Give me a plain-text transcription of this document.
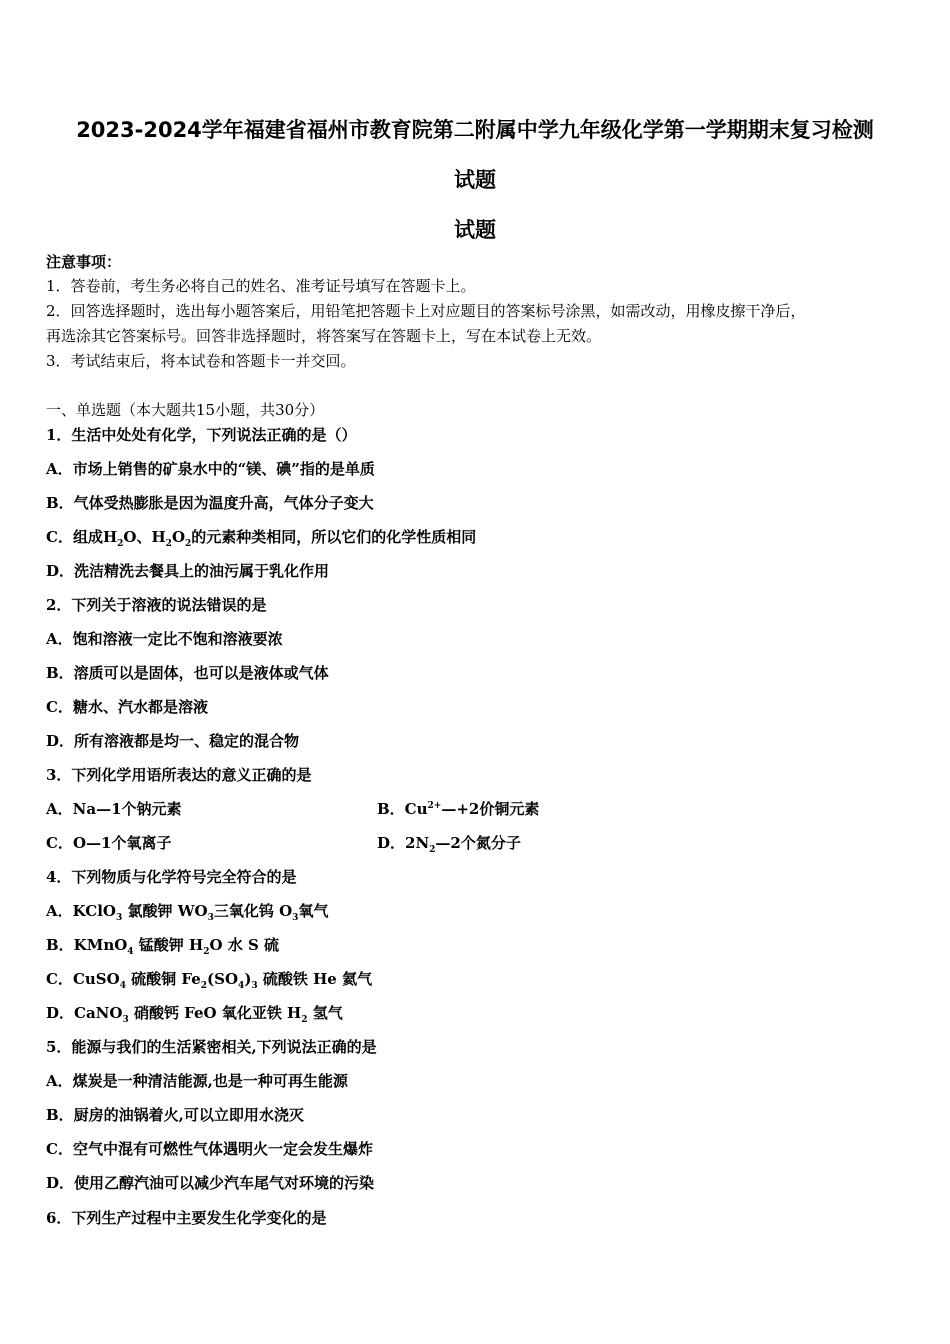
2023-2024学年福建省福州市教育院第二附属中学九年级化学第一学期期末复习检测
试题
试题
注意事项：
1．答卷前，考生务必将自己的姓名、准考证号填写在答题卡上。
2．回答选择题时，选出每小题答案后，用铅笔把答题卡上对应题目的答案标号涂黑，如需改动，用橡皮擦干净后，
再选涂其它答案标号。回答非选择题时，将答案写在答题卡上，写在本试卷上无效。
3．考试结束后，将本试卷和答题卡一并交回。
一、单选题（本大题共15小题，共30分）
1．生活中处处有化学，下列说法正确的是（）
A．市场上销售的矿泉水中的“镁、碘”指的是单质
B．气体受热膨胀是因为温度升高，气体分子变大
C．组成$H_2O$、$H_2O_2$的元素种类相同，所以它们的化学性质相同
D．洗洁精洗去餐具上的油污属于乳化作用
2．下列关于溶液的说法错误的是
A．饱和溶液一定比不饱和溶液要浓
B．溶质可以是固体，也可以是液体或气体
C．糖水、汽水都是溶液
D．所有溶液都是均一、稳定的混合物
3．下列化学用语所表达的意义正确的是
A．Na—1个钠元素	B．$Cu^{2+}—+2$价铜元素
C．O—1个氧离子	D．$2N_2—2$个氮分子
4．下列物质与化学符号完全符合的是
A．KClO$_3$ 氯酸钾 $WO_3$三氧化钨 $O_3$氧气
B．KMnO$_4$ 锰酸钾 $H_2O$ 水 S 硫
C．CuSO$_4$ 硫酸铜 $Fe_2(SO_4)_3$ 硫酸铁 He 氦气
D．CaNO$_3$ 硝酸钙 FeO 氧化亚铁 $H_2$ 氢气
5．能源与我们的生活紧密相关,下列说法正确的是
A．煤炭是一种清洁能源,也是一种可再生能源
B．厨房的油锅着火,可以立即用水浇灭
C．空气中混有可燃性气体遇明火一定会发生爆炸
D．使用乙醇汽油可以减少汽车尾气对环境的污染
6．下列生产过程中主要发生化学变化的是
